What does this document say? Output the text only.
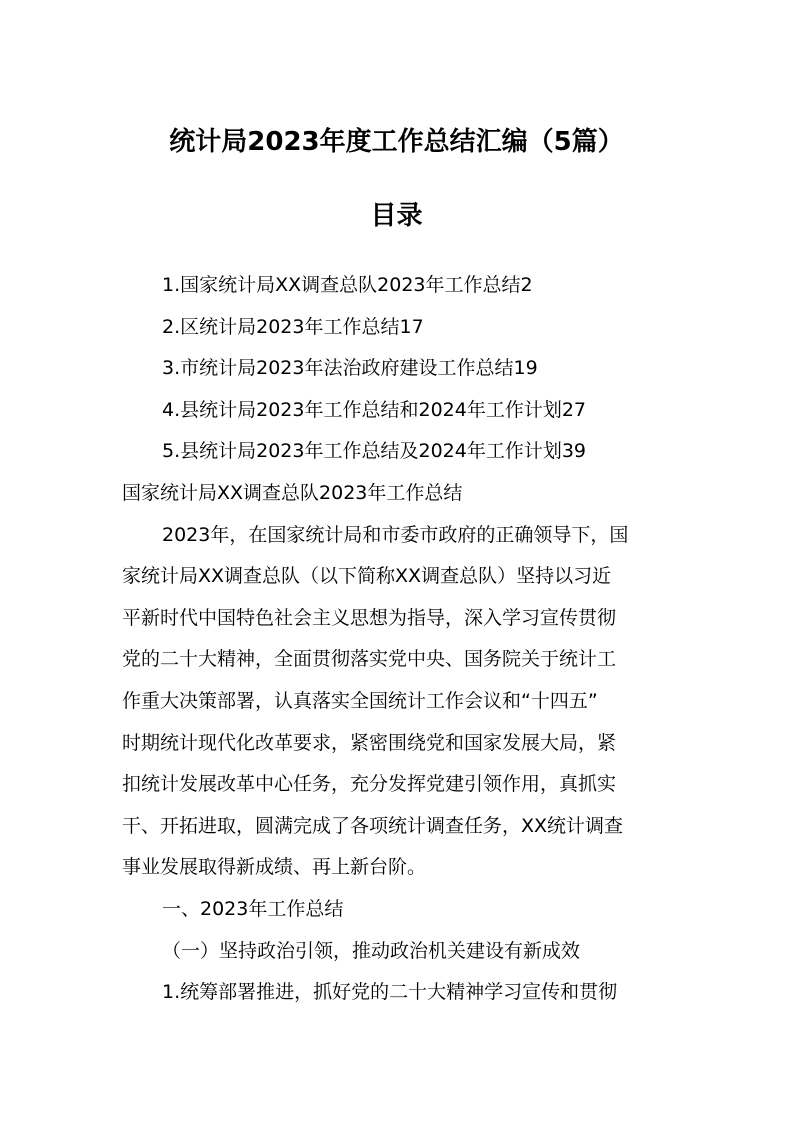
统计局2023年度工作总结汇编（5篇）
目录
1.国家统计局XX调查总队2023年工作总结2
2.区统计局2023年工作总结17
3.市统计局2023年法治政府建设工作总结19
4.县统计局2023年工作总结和2024年工作计划27
5.县统计局2023年工作总结及2024年工作计划39
国家统计局XX调查总队2023年工作总结
2023年，在国家统计局和市委市政府的正确领导下，国
家统计局XX调查总队（以下简称XX调查总队）坚持以习近
平新时代中国特色社会主义思想为指导，深入学习宣传贯彻
党的二十大精神，全面贯彻落实党中央、国务院关于统计工
作重大决策部署，认真落实全国统计工作会议和“十四五”
时期统计现代化改革要求，紧密围绕党和国家发展大局，紧
扣统计发展改革中心任务，充分发挥党建引领作用，真抓实
干、开拓进取，圆满完成了各项统计调查任务，XX统计调查
事业发展取得新成绩、再上新台阶。
一、2023年工作总结
（一）坚持政治引领，推动政治机关建设有新成效
1.统筹部署推进，抓好党的二十大精神学习宣传和贯彻
